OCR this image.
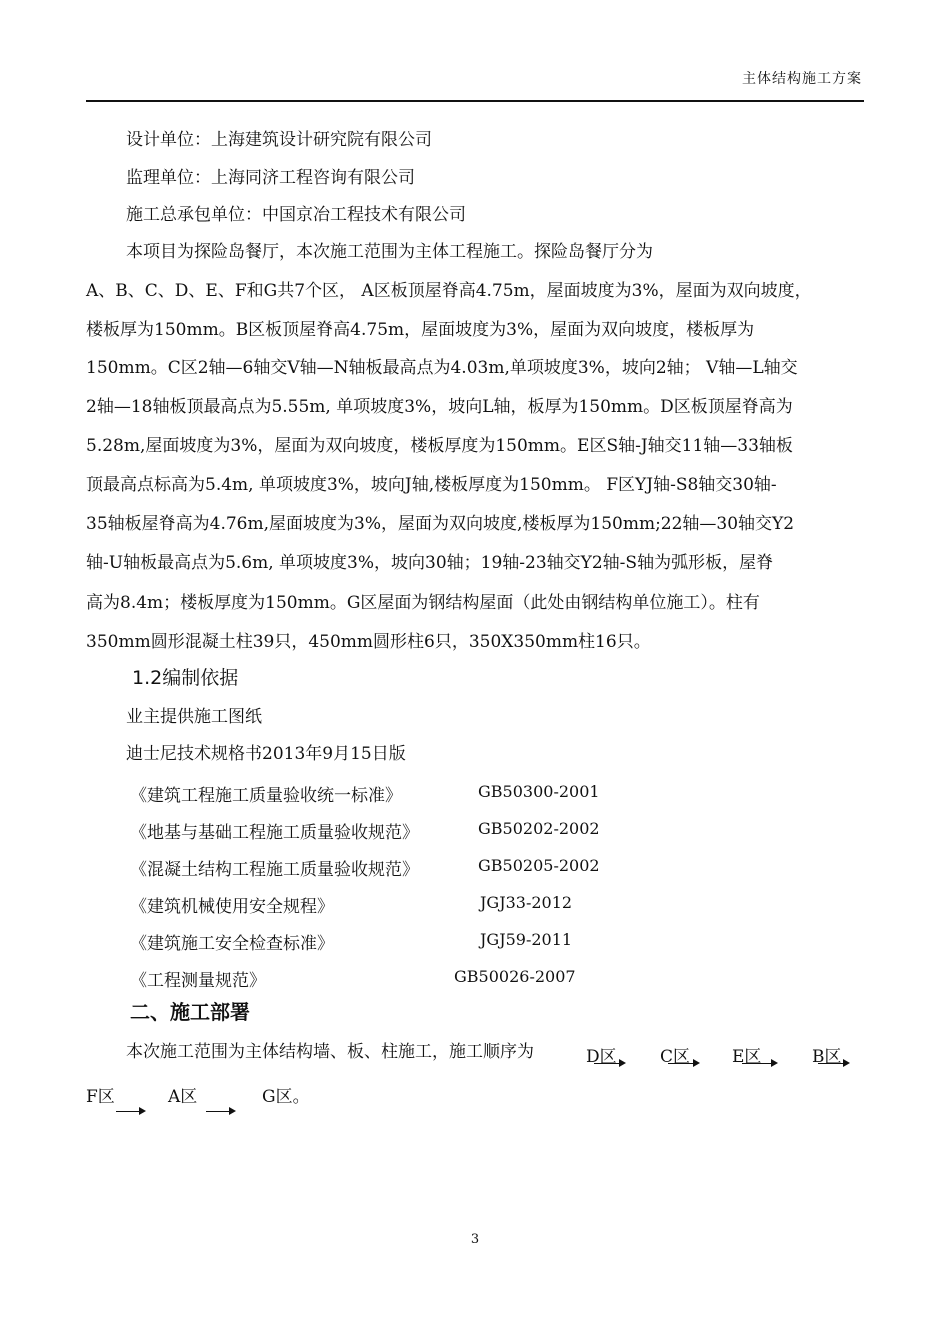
主体结构施工方案
设计单位：上海建筑设计研究院有限公司
监理单位：上海同济工程咨询有限公司
施工总承包单位：中国京冶工程技术有限公司
本项目为探险岛餐厅，本次施工范围为主体工程施工。探险岛餐厅分为
A、B、C、D、E、F和G共7个区， A区板顶屋脊高4.75m，屋面坡度为3%，屋面为双向坡度，
楼板厚为150mm。B区板顶屋脊高4.75m，屋面坡度为3%，屋面为双向坡度，楼板厚为
150mm。C区2轴—6轴交V轴—N轴板最高点为4.03m,单项坡度3%，坡向2轴； V轴—L轴交
2轴—18轴板顶最高点为5.55m, 单项坡度3%，坡向L轴，板厚为150mm。D区板顶屋脊高为
5.28m,屋面坡度为3%，屋面为双向坡度，楼板厚度为150mm。E区S轴-J轴交11轴—33轴板
顶最高点标高为5.4m, 单项坡度3%，坡向J轴,楼板厚度为150mm。 F区YJ轴-S8轴交30轴-
35轴板屋脊高为4.76m,屋面坡度为3%，屋面为双向坡度,楼板厚为150mm;22轴—30轴交Y2
轴-U轴板最高点为5.6m, 单项坡度3%，坡向30轴；19轴-23轴交Y2轴-S轴为弧形板，屋脊
高为8.4m；楼板厚度为150mm。G区屋面为钢结构屋面（此处由钢结构单位施工）。柱有
350mm圆形混凝土柱39只，450mm圆形柱6只，350X350mm柱16只。
1.2编制依据
业主提供施工图纸
迪士尼技术规格书2013年9月15日版
《建筑工程施工质量验收统一标准》	GB50300-2001
《地基与基础工程施工质量验收规范》	GB50202-2002
《混凝土结构工程施工质量验收规范》	GB50205-2002
《建筑机械使用安全规程》	JGJ33-2012
《建筑施工安全检查标准》	JGJ59-2011
《工程测量规范》	GB50026-2007
二、施工部署
本次施工范围为主体结构墙、板、柱施工，施工顺序为	D区	C区 E区	B区
F区	A区	G区。
3
